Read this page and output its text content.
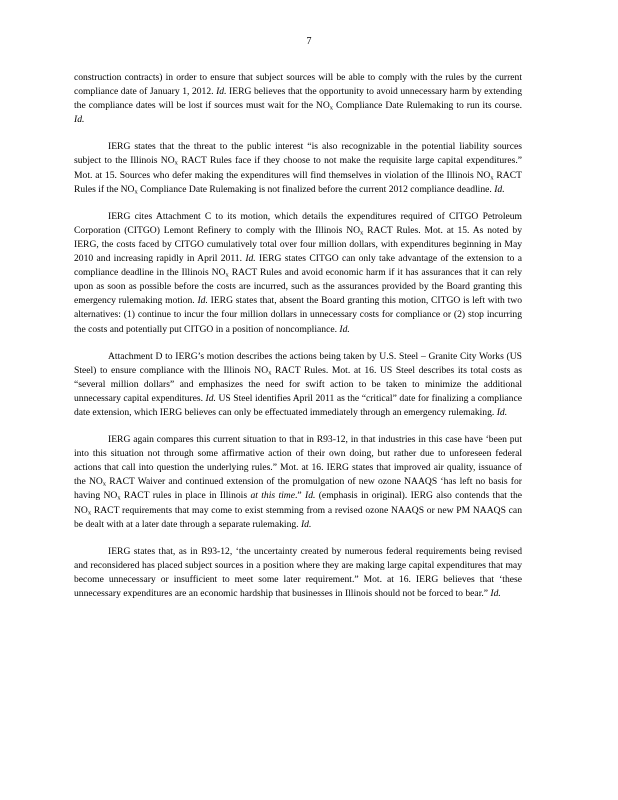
7

construction contracts) in order to ensure that subject sources will be able to comply with the rules by the current compliance date of January 1, 2012. Id. IERG believes that the opportunity to avoid unnecessary harm by extending the compliance dates will be lost if sources must wait for the $NO_x$ Compliance Date Rulemaking to run its course. Id.

IERG states that the threat to the public interest “is also recognizable in the potential liability sources subject to the Illinois $NO_x$ RACT Rules face if they choose to not make the requisite large capital expenditures.” Mot. at 15. Sources who defer making the expenditures will find themselves in violation of the Illinois $NO_x$ RACT Rules if the $NO_x$ Compliance Date Rulemaking is not finalized before the current 2012 compliance deadline. Id.

IERG cites Attachment C to its motion, which details the expenditures required of CITGO Petroleum Corporation (CITGO) Lemont Refinery to comply with the Illinois $NO_x$ RACT Rules. Mot. at 15. As noted by IERG, the costs faced by CITGO cumulatively total over four million dollars, with expenditures beginning in May 2010 and increasing rapidly in April 2011. Id. IERG states CITGO can only take advantage of the extension to a compliance deadline in the Illinois $NO_x$ RACT Rules and avoid economic harm if it has assurances that it can rely upon as soon as possible before the costs are incurred, such as the assurances provided by the Board granting this emergency rulemaking motion. Id. IERG states that, absent the Board granting this motion, CITGO is left with two alternatives: (1) continue to incur the four million dollars in unnecessary costs for compliance or (2) stop incurring the costs and potentially put CITGO in a position of noncompliance. Id.

Attachment D to IERG’s motion describes the actions being taken by U.S. Steel – Granite City Works (US Steel) to ensure compliance with the Illinois $NO_x$ RACT Rules. Mot. at 16. US Steel describes its total costs as “several million dollars” and emphasizes the need for swift action to be taken to minimize the additional unnecessary capital expenditures. Id. US Steel identifies April 2011 as the “critical” date for finalizing a compliance date extension, which IERG believes can only be effectuated immediately through an emergency rulemaking. Id.

IERG again compares this current situation to that in R93-12, in that industries in this case have ‘been put into this situation not through some affirmative action of their own doing, but rather due to unforeseen federal actions that call into question the underlying rules.” Mot. at 16. IERG states that improved air quality, issuance of the $NO_x$ RACT Waiver and continued extension of the promulgation of new ozone NAAQS ‘has left no basis for having $NO_x$ RACT rules in place in Illinois at this time.” Id. (emphasis in original). IERG also contends that the $NO_x$ RACT requirements that may come to exist stemming from a revised ozone NAAQS or new PM NAAQS can be dealt with at a later date through a separate rulemaking. Id.

IERG states that, as in R93-12, ‘the uncertainty created by numerous federal requirements being revised and reconsidered has placed subject sources in a position where they are making large capital expenditures that may become unnecessary or insufficient to meet some later requirement.” Mot. at 16. IERG believes that ‘these unnecessary expenditures are an economic hardship that businesses in Illinois should not be forced to bear.” Id.
